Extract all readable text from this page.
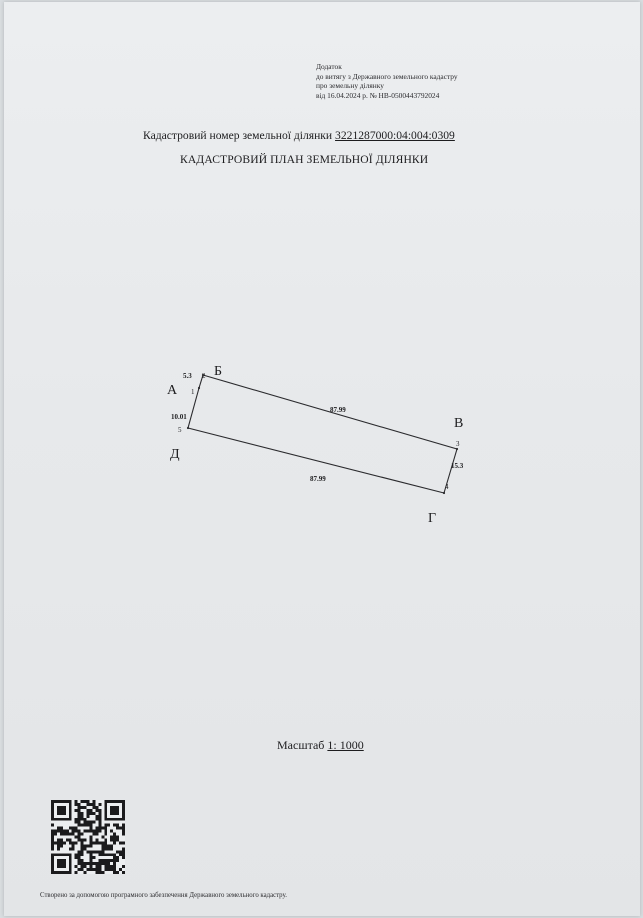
Додаток
до витягу з Державного земельного кадастру
про земельну ділянку
від 16.04.2024 р. № НВ-0500443792024
Кадастровий номер земельної ділянки 3221287000:04:004:0309
КАДАСТРОВИЙ ПЛАН ЗЕМЕЛЬНОЇ ДІЛЯНКИ
А
Б
В
Г
Д
1
2
3
4
5
87.99
87.99
15.3
10.01
5.3
Масштаб 1: 1000
Створено за допомогою програмного забезпечення Державного земельного кадастру.
